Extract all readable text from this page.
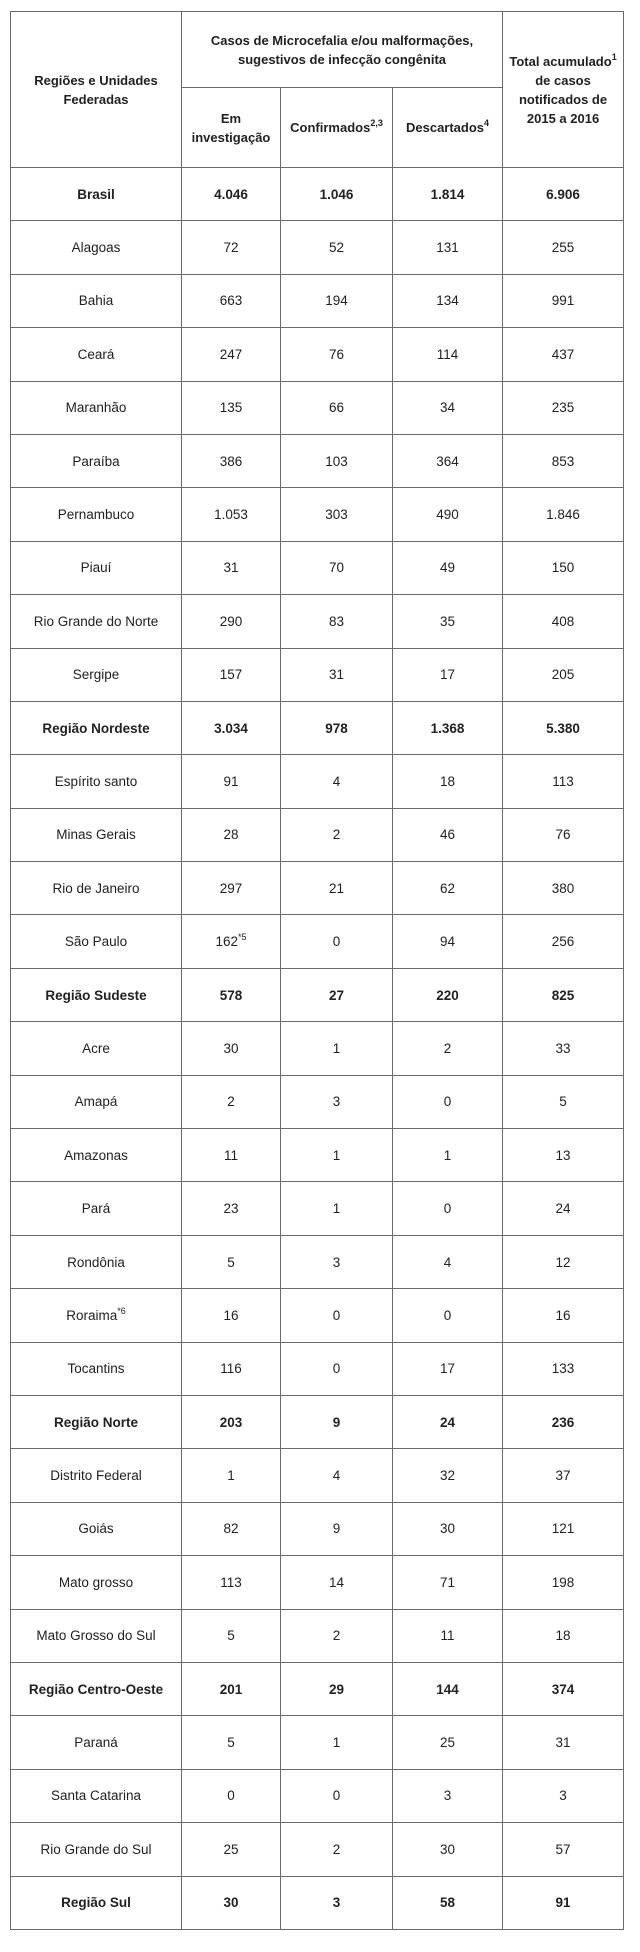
Regiões e Unidades Federadas	Casos de Microcefalia e/ou malformações, sugestivos de infecção congênita			Total acumulado$^1$
de casos notificados de 2015 a 2016
	Em investigação	Confirmados$^{2,3}$	Descartados$^4$
Brasil	4.046	1.046	1.814	6.906
Alagoas	72	52	131	255
Bahia	663	194	134	991
Ceará	247	76	114	437
Maranhão	135	66	34	235
Paraíba	386	103	364	853
Pernambuco	1.053	303	490	1.846
Piauí	31	70	49	150
Rio Grande do Norte	290	83	35	408
Sergipe	157	31	17	205
Região Nordeste	3.034	978	1.368	5.380
Espírito santo	91	4	18	113
Minas Gerais	28	2	46	76
Rio de Janeiro	297	21	62	380
São Paulo	162$^{*5}$	0	94	256
Região Sudeste	578	27	220	825
Acre	30	1	2	33
Amapá	2	3	0	5
Amazonas	11	1	1	13
Pará	23	1	0	24
Rondônia	5	3	4	12
Roraima$^{*6}$	16	0	0	16
Tocantins	116	0	17	133
Região Norte	203	9	24	236
Distrito Federal	1	4	32	37
Goiás	82	9	30	121
Mato grosso	113	14	71	198
Mato Grosso do Sul	5	2	11	18
Região Centro-Oeste	201	29	144	374
Paraná	5	1	25	31
Santa Catarina	0	0	3	3
Rio Grande do Sul	25	2	30	57
Região Sul	30	3	58	91
